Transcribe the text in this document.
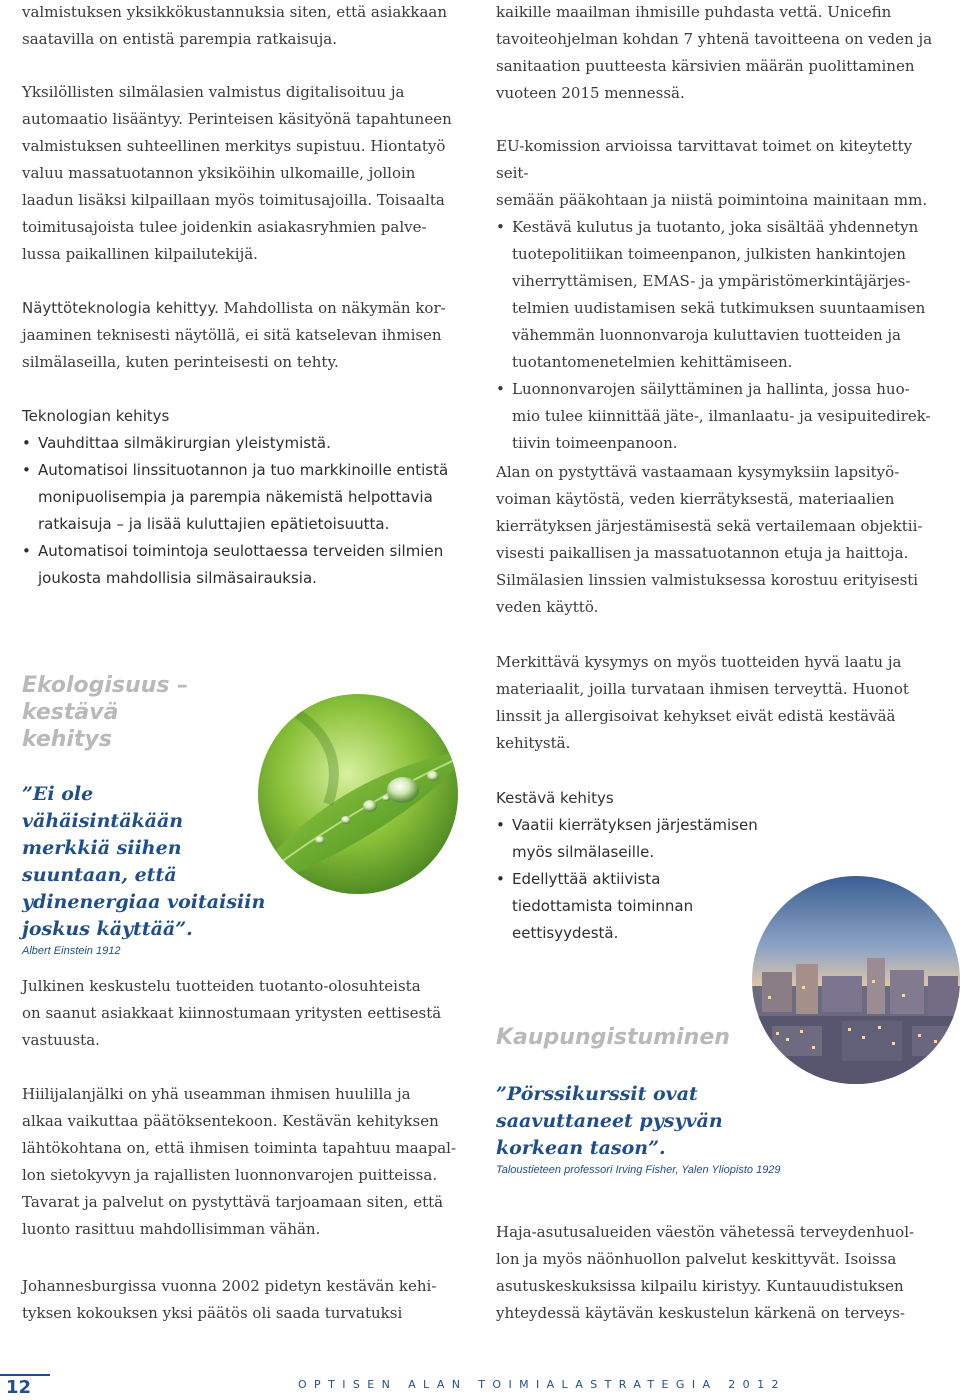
valmistuksen yksikkökustannuksia siten, että asiakkaan
saatavilla on entistä parempia ratkaisuja.

Yksilöllisten silmälasien valmistus digitalisoituu ja
automaatio lisääntyy. Perinteisen käsityönä tapahtuneen
valmistuksen suhteellinen merkitys supistuu. Hiontatyö
valuu massatuotannon yksiköihin ulkomaille, jolloin
laadun lisäksi kilpaillaan myös toimitusajoilla. Toisaalta
toimitusajoista tulee joidenkin asiakasryhmien palve-
lussa paikallinen kilpailutekijä.

Näyttöteknologia kehittyy. Mahdollista on näkymän kor-
jaaminen teknisesti näytöllä, ei sitä katselevan ihmisen
silmälaseilla, kuten perinteisesti on tehty.

Teknologian kehitys

• Vauhdittaa silmäkirurgian yleistymistä.
• Automatisoi linssituotannon ja tuo markkinoille entistä
monipuolisempia ja parempia näkemistä helpottavia
ratkaisuja – ja lisää kuluttajien epätietoisuutta.
• Automatisoi toimintoja seulottaessa terveiden silmien
joukosta mahdollisia silmäsairauksia.

Ekologisuus – kestävä
kehitys

”Ei ole
vähäisintäkään
merkkiä siihen
suuntaan, että
ydinenergiaa voitaisiin
joskus käyttää”.

Albert Einstein 1912

Julkinen keskustelu tuotteiden tuotanto-olosuhteista
on saanut asiakkaat kiinnostumaan yritysten eettisestä
vastuusta.

Hiilijalanjälki on yhä useamman ihmisen huulilla ja
alkaa vaikuttaa päätöksentekoon. Kestävän kehityksen
lähtökohtana on, että ihmisen toiminta tapahtuu maapal-
lon sietokyvyn ja rajallisten luonnonvarojen puitteissa.
Tavarat ja palvelut on pystyttävä tarjoamaan siten, että
luonto rasittuu mahdollisimman vähän.

Johannesburgissa vuonna 2002 pidetyn kestävän kehi-
tyksen kokouksen yksi päätös oli saada turvatuksi

kaikille maailman ihmisille puhdasta vettä. Unicefin
tavoiteohjelman kohdan 7 yhtenä tavoitteena on veden ja
sanitaation puutteesta kärsivien määrän puolittaminen
vuoteen 2015 mennessä.

EU-komission arvioissa tarvittavat toimet on kiteytetty seit-
semään pääkohtaan ja niistä poimintoina mainitaan mm.

• Kestävä kulutus ja tuotanto, joka sisältää yhdennetyn
tuotepolitiikan toimeenpanon, julkisten hankintojen
viherryttämisen, EMAS- ja ympäristömerkintäjärjes-
telmien uudistamisen sekä tutkimuksen suuntaamisen
vähemmän luonnonvaroja kuluttavien tuotteiden ja
tuotantomenetelmien kehittämiseen.
• Luonnonvarojen säilyttäminen ja hallinta, jossa huo-
mio tulee kiinnittää jäte-, ilmanlaatu- ja vesipuitedirek-
tiivin toimeenpanoon.

Alan on pystyttävä vastaamaan kysymyksiin lapsityö-
voiman käytöstä, veden kierrätyksestä, materiaalien
kierrätyksen järjestämisestä sekä vertailemaan objektii-
visesti paikallisen ja massatuotannon etuja ja haittoja.
Silmälasien linssien valmistuksessa korostuu erityisesti
veden käyttö.

Merkittävä kysymys on myös tuotteiden hyvä laatu ja
materiaalit, joilla turvataan ihmisen terveyttä. Huonot
linssit ja allergisoivat kehykset eivät edistä kestävää
kehitystä.

Kestävä kehitys

• Vaatii kierrätyksen järjestämisen
myös silmälaseille.
• Edellyttää aktiivista
tiedottamista toiminnan
eettisyydestä.

Kaupungistuminen

”Pörssikurssit ovat
saavuttaneet pysyvän
korkean tason”.

Taloustieteen professori Irving Fisher, Yalen Yliopisto 1929

Haja-asutusalueiden väestön vähetessä terveydenhuol-
lon ja myös näönhuollon palvelut keskittyvät. Isoissa
asutuskeskuksissa kilpailu kiristyy. Kuntauudistuksen
yhteydessä käytävän keskustelun kärkenä on terveys-

12	OPTISEN ALAN TOIMIALASTRATEGIA 2012
